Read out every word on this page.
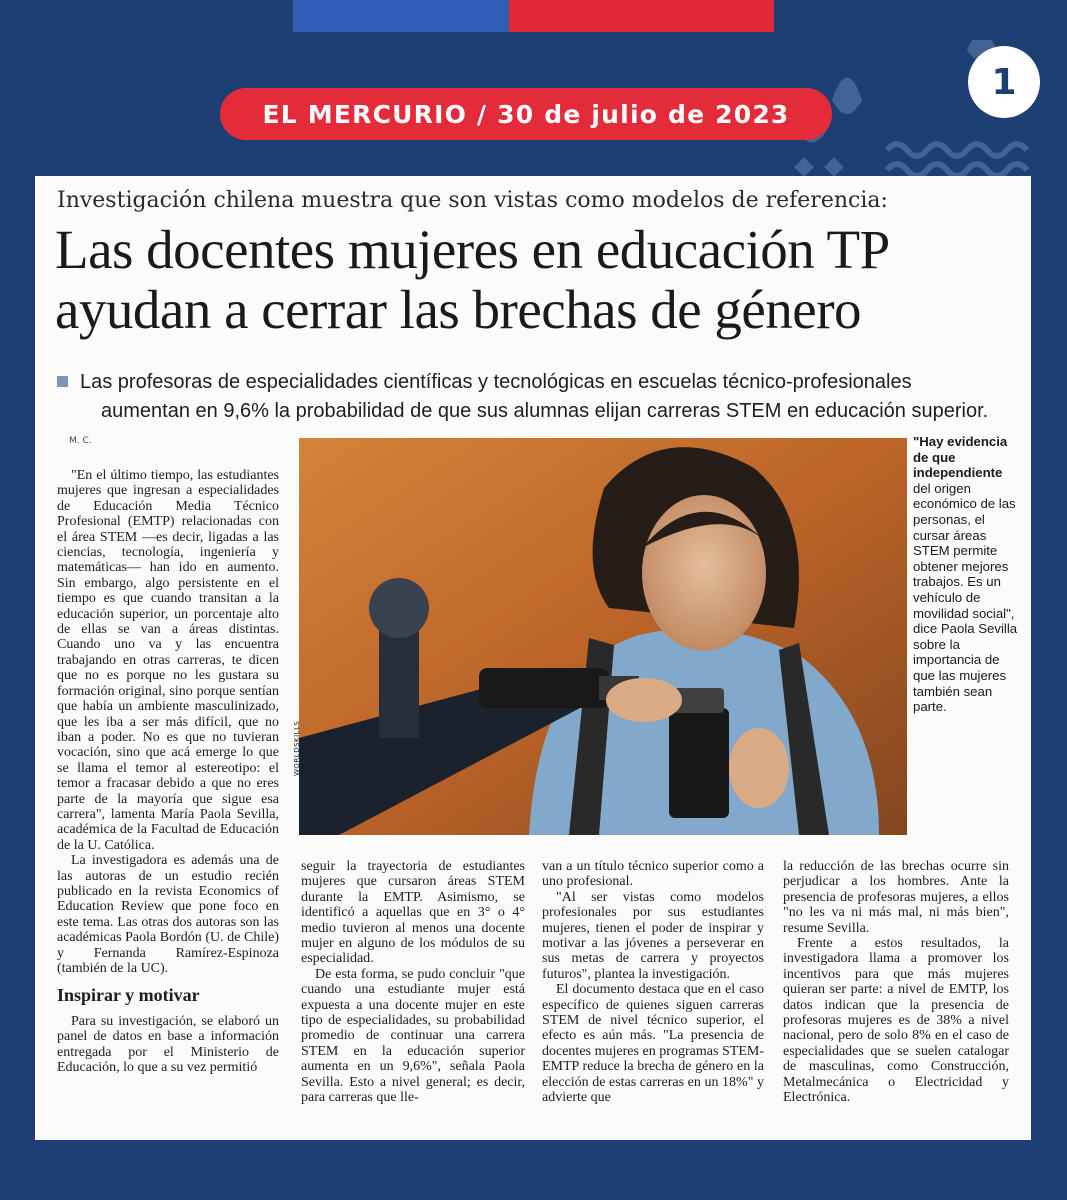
EL MERCURIO / 30 de julio de 2023
1
Investigación chilena muestra que son vistas como modelos de referencia:
Las docentes mujeres en educación TP
ayudan a cerrar las brechas de género
Las profesoras de especialidades científicas y tecnológicas en escuelas técnico-profesionales
aumentan en 9,6% la probabilidad de que sus alumnas elijan carreras STEM en educación superior.
M. C.

"En el último tiempo, las estudiantes mujeres que ingresan a especialidades de Educación Media Técnico Profesional (EMTP) relacionadas con el área STEM —es decir, ligadas a las ciencias, tecnología, ingeniería y matemáticas— han ido en aumento. Sin embargo, algo persistente en el tiempo es que cuando transitan a la educación superior, un porcentaje alto de ellas se van a áreas distintas. Cuando uno va y las encuentra trabajando en otras carreras, te dicen que no es porque no les gustara su formación original, sino porque sentían que había un ambiente masculinizado, que les iba a ser más difícil, que no iban a poder. No es que no tuvieran vocación, sino que acá emerge lo que se llama el temor al estereotipo: el temor a fracasar debido a que no eres parte de la mayoría que sigue esa carrera", lamenta María Paola Sevilla, académica de la Facultad de Educación de la U. Católica.

La investigadora es además una de las autoras de un estudio recién publicado en la revista Economics of Education Review que pone foco en este tema. Las otras dos autoras son las académicas Paola Bordón (U. de Chile) y Fernanda Ramírez-Espinoza (también de la UC).

Inspirar y motivar

Para su investigación, se elaboró un panel de datos en base a información entregada por el Ministerio de Educación, lo que a su vez permitió

WORLDSKILLS
"Hay evidencia de que independiente del origen económico de las personas, el cursar áreas STEM permite obtener mejores trabajos. Es un vehículo de movilidad social", dice Paola Sevilla sobre la importancia de que las mujeres también sean parte.

seguir la trayectoria de estudiantes mujeres que cursaron áreas STEM durante la EMTP. Asimismo, se identificó a aquellas que en 3° o 4° medio tuvieron al menos una docente mujer en alguno de los módulos de su especialidad.

De esta forma, se pudo concluir "que cuando una estudiante mujer está expuesta a una docente mujer en este tipo de especialidades, su probabilidad promedio de continuar una carrera STEM en la educación superior aumenta en un 9,6%", señala Paola Sevilla. Esto a nivel general; es decir, para carreras que lle-

van a un título técnico superior como a uno profesional.

"Al ser vistas como modelos profesionales por sus estudiantes mujeres, tienen el poder de inspirar y motivar a las jóvenes a perseverar en sus metas de carrera y proyectos futuros", plantea la investigación.

El documento destaca que en el caso específico de quienes siguen carreras STEM de nivel técnico superior, el efecto es aún más. "La presencia de docentes mujeres en programas STEM-EMTP reduce la brecha de género en la elección de estas carreras en un 18%" y advierte que

la reducción de las brechas ocurre sin perjudicar a los hombres. Ante la presencia de profesoras mujeres, a ellos "no les va ni más mal, ni más bien", resume Sevilla.

Frente a estos resultados, la investigadora llama a promover los incentivos para que más mujeres quieran ser parte: a nivel de EMTP, los datos indican que la presencia de profesoras mujeres es de 38% a nivel nacional, pero de solo 8% en el caso de especialidades que se suelen catalogar de masculinas, como Construcción, Metalmecánica o Electricidad y Electrónica.
